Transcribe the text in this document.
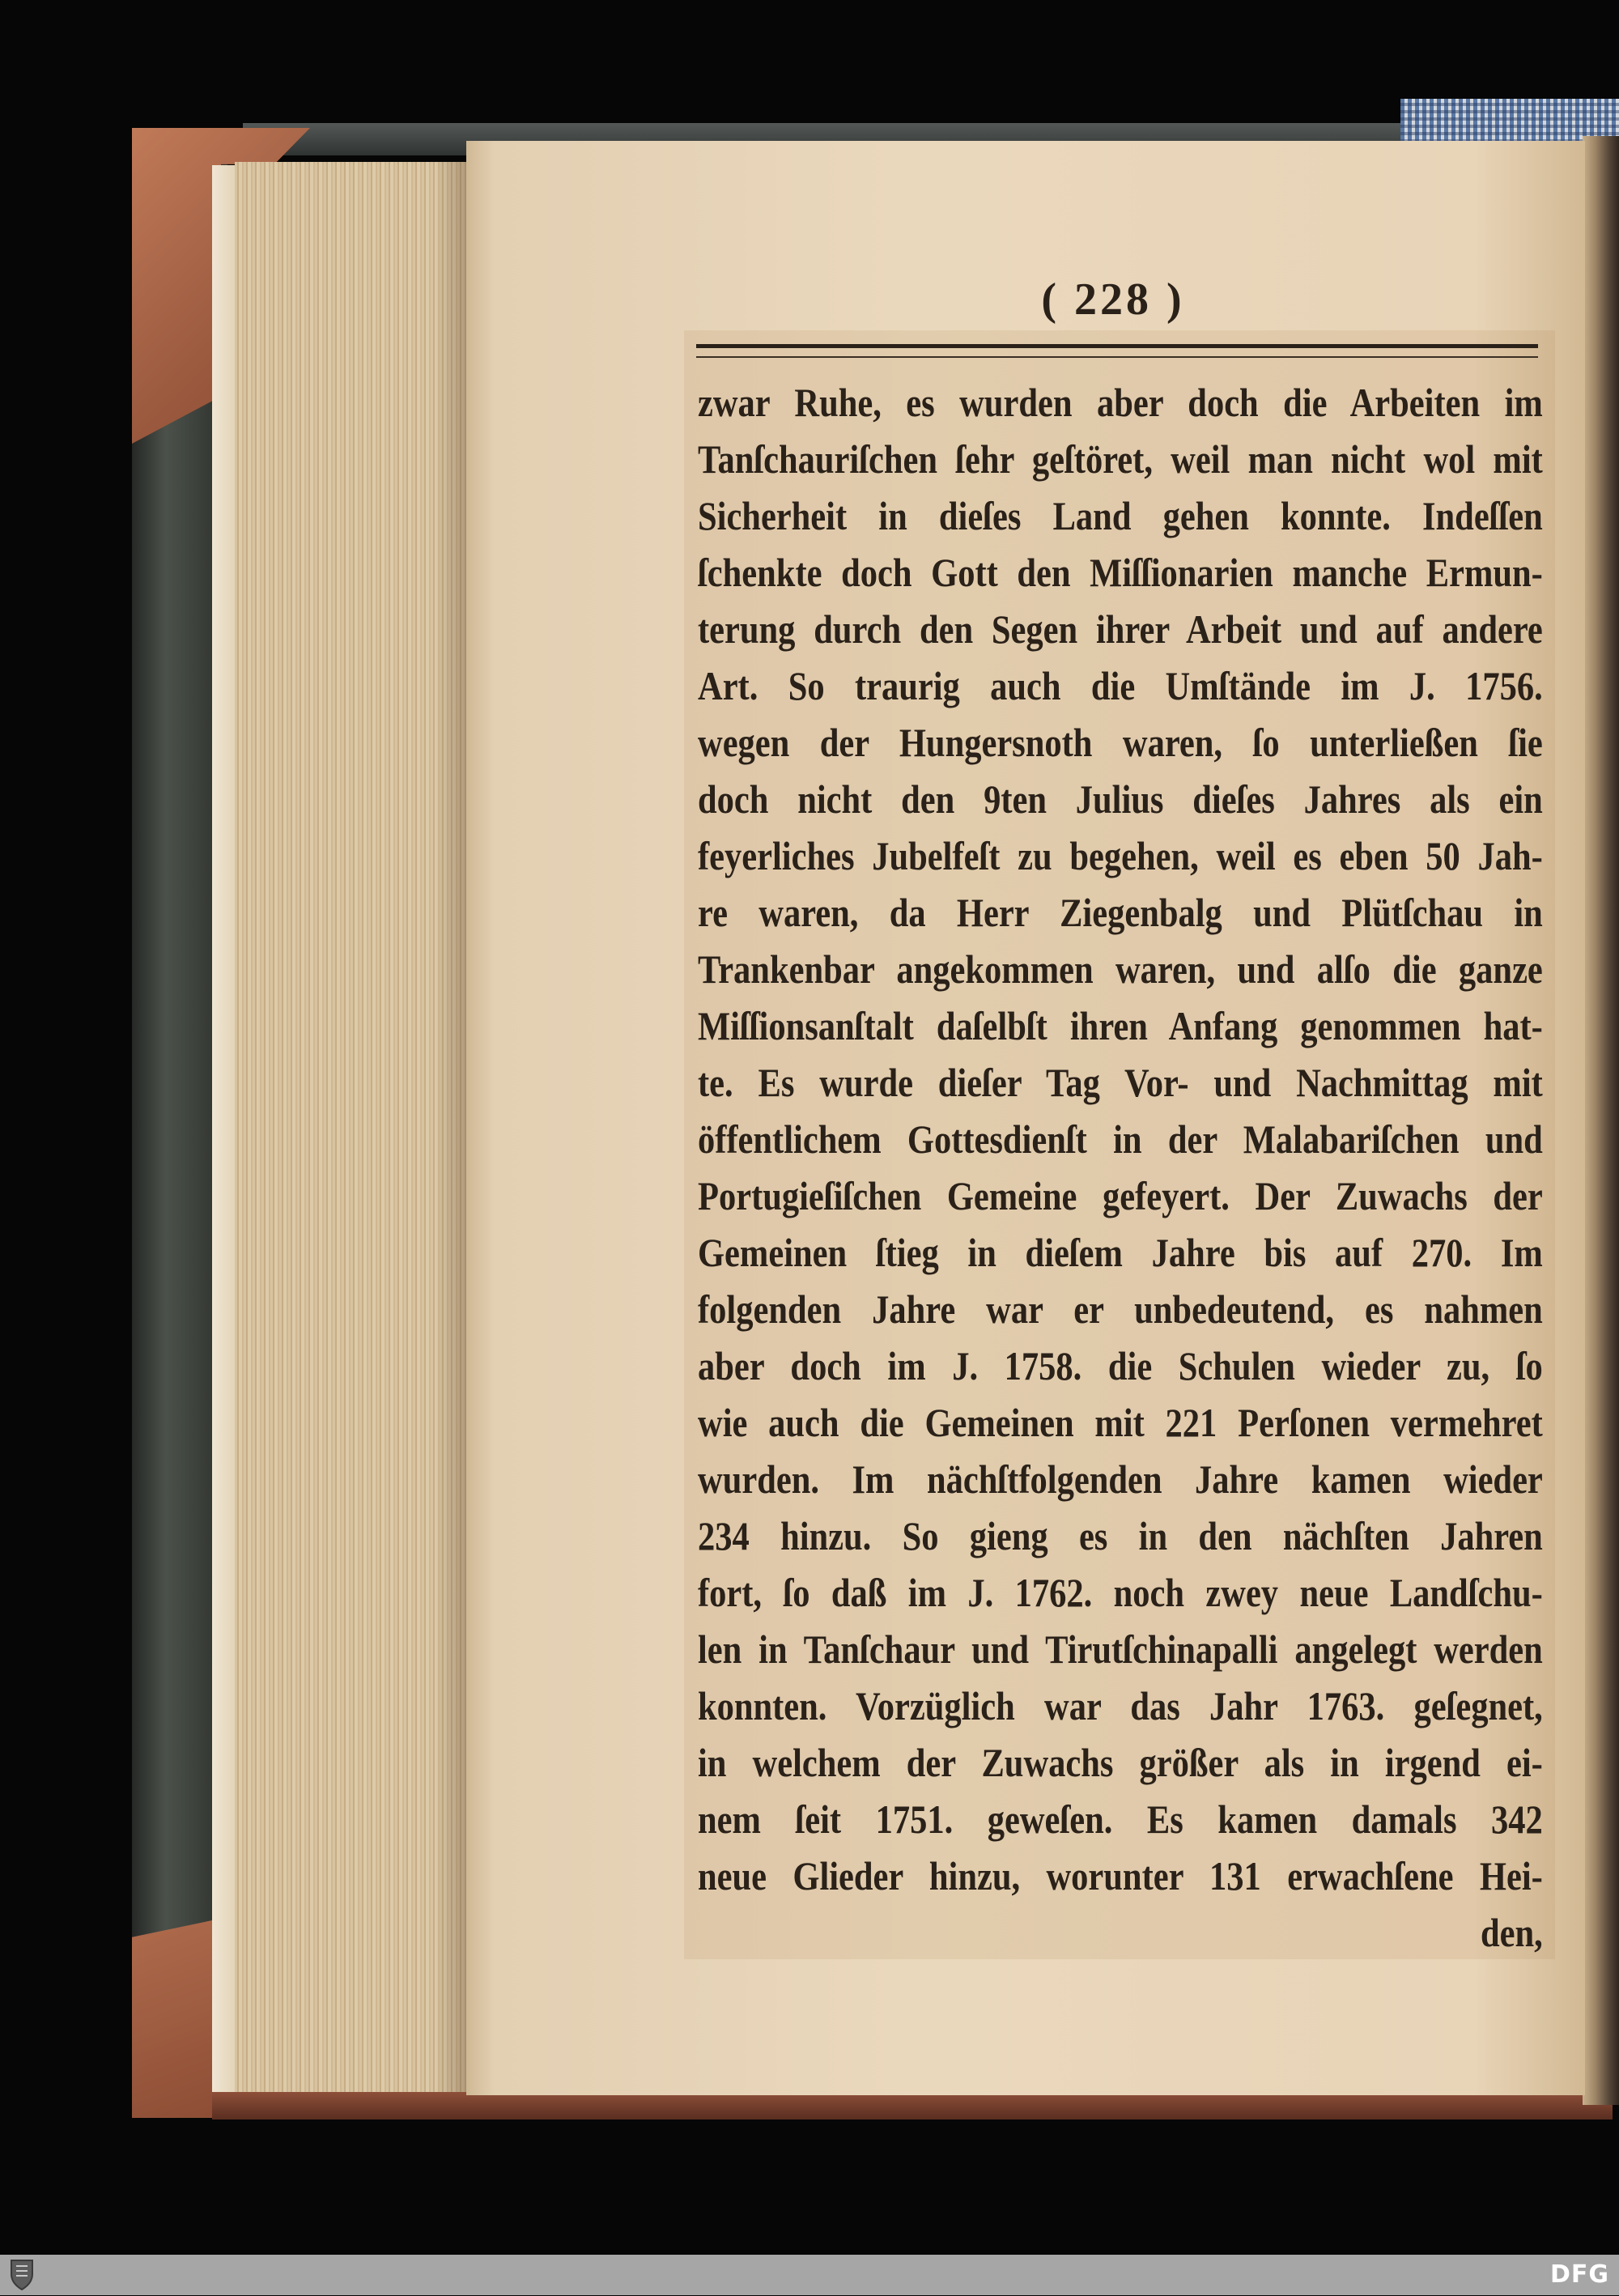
( 228 )
zwar Ruhe, es wurden aber doch die Arbeiten im
Tanſchauriſchen ſehr geſtöret, weil man nicht wol mit
Sicherheit in dieſes Land gehen konnte. Indeſſen
ſchenkte doch Gott den Miſſionarien manche Ermun-
terung durch den Segen ihrer Arbeit und auf andere
Art. So traurig auch die Umſtände im J. 1756.
wegen der Hungersnoth waren, ſo unterließen ſie
doch nicht den 9ten Julius dieſes Jahres als ein
feyerliches Jubelfeſt zu begehen, weil es eben 50 Jah-
re waren, da Herr Ziegenbalg und Plütſchau in
Trankenbar angekommen waren, und alſo die ganze
Miſſionsanſtalt daſelbſt ihren Anfang genommen hat-
te. Es wurde dieſer Tag Vor- und Nachmittag mit
öffentlichem Gottesdienſt in der Malabariſchen und
Portugieſiſchen Gemeine gefeyert. Der Zuwachs der
Gemeinen ſtieg in dieſem Jahre bis auf 270. Im
folgenden Jahre war er unbedeutend, es nahmen
aber doch im J. 1758. die Schulen wieder zu, ſo
wie auch die Gemeinen mit 221 Perſonen vermehret
wurden. Im nächſtfolgenden Jahre kamen wieder
234 hinzu. So gieng es in den nächſten Jahren
fort, ſo daß im J. 1762. noch zwey neue Landſchu-
len in Tanſchaur und Tirutſchinapalli angelegt werden
konnten. Vorzüglich war das Jahr 1763. geſegnet,
in welchem der Zuwachs größer als in irgend ei-
nem ſeit 1751. geweſen. Es kamen damals 342
neue Glieder hinzu, worunter 131 erwachſene Hei-
den,
DFG
